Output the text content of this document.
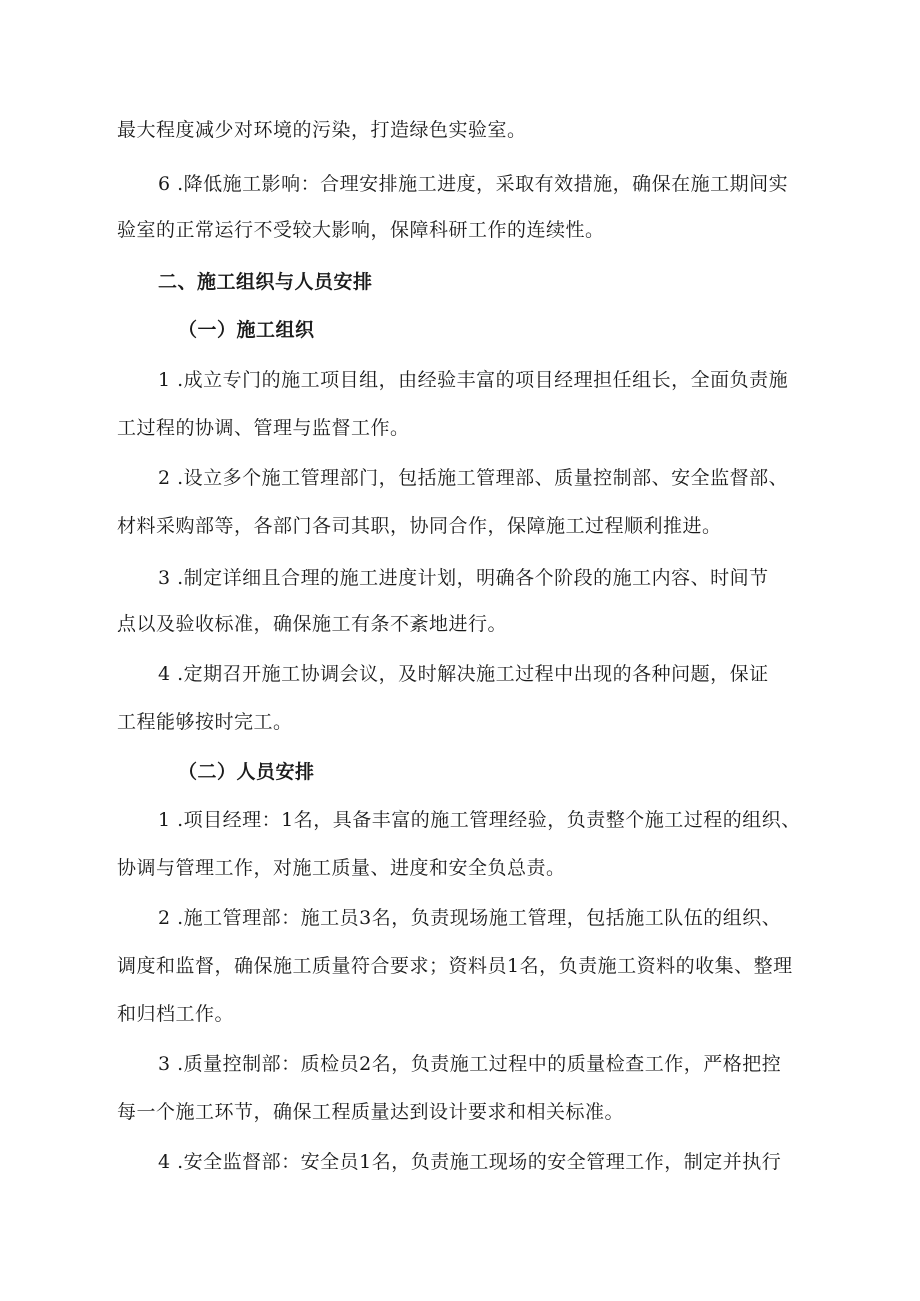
最大程度减少对环境的污染，打造绿色实验室。
6 .降低施工影响：合理安排施工进度，采取有效措施，确保在施工期间实
验室的正常运行不受较大影响，保障科研工作的连续性。
二、施工组织与人员安排
（一）施工组织
1 .成立专门的施工项目组，由经验丰富的项目经理担任组长，全面负责施
工过程的协调、管理与监督工作。
2 .设立多个施工管理部门，包括施工管理部、质量控制部、安全监督部、
材料采购部等，各部门各司其职，协同合作，保障施工过程顺利推进。
3 .制定详细且合理的施工进度计划，明确各个阶段的施工内容、时间节
点以及验收标准，确保施工有条不紊地进行。
4 .定期召开施工协调会议，及时解决施工过程中出现的各种问题，保证
工程能够按时完工。
（二）人员安排
1 .项目经理：1名，具备丰富的施工管理经验，负责整个施工过程的组织、
协调与管理工作，对施工质量、进度和安全负总责。
2 .施工管理部：施工员3名，负责现场施工管理，包括施工队伍的组织、
调度和监督，确保施工质量符合要求；资料员1名，负责施工资料的收集、整理
和归档工作。
3 .质量控制部：质检员2名，负责施工过程中的质量检查工作，严格把控
每一个施工环节，确保工程质量达到设计要求和相关标准。
4 .安全监督部：安全员1名，负责施工现场的安全管理工作，制定并执行
